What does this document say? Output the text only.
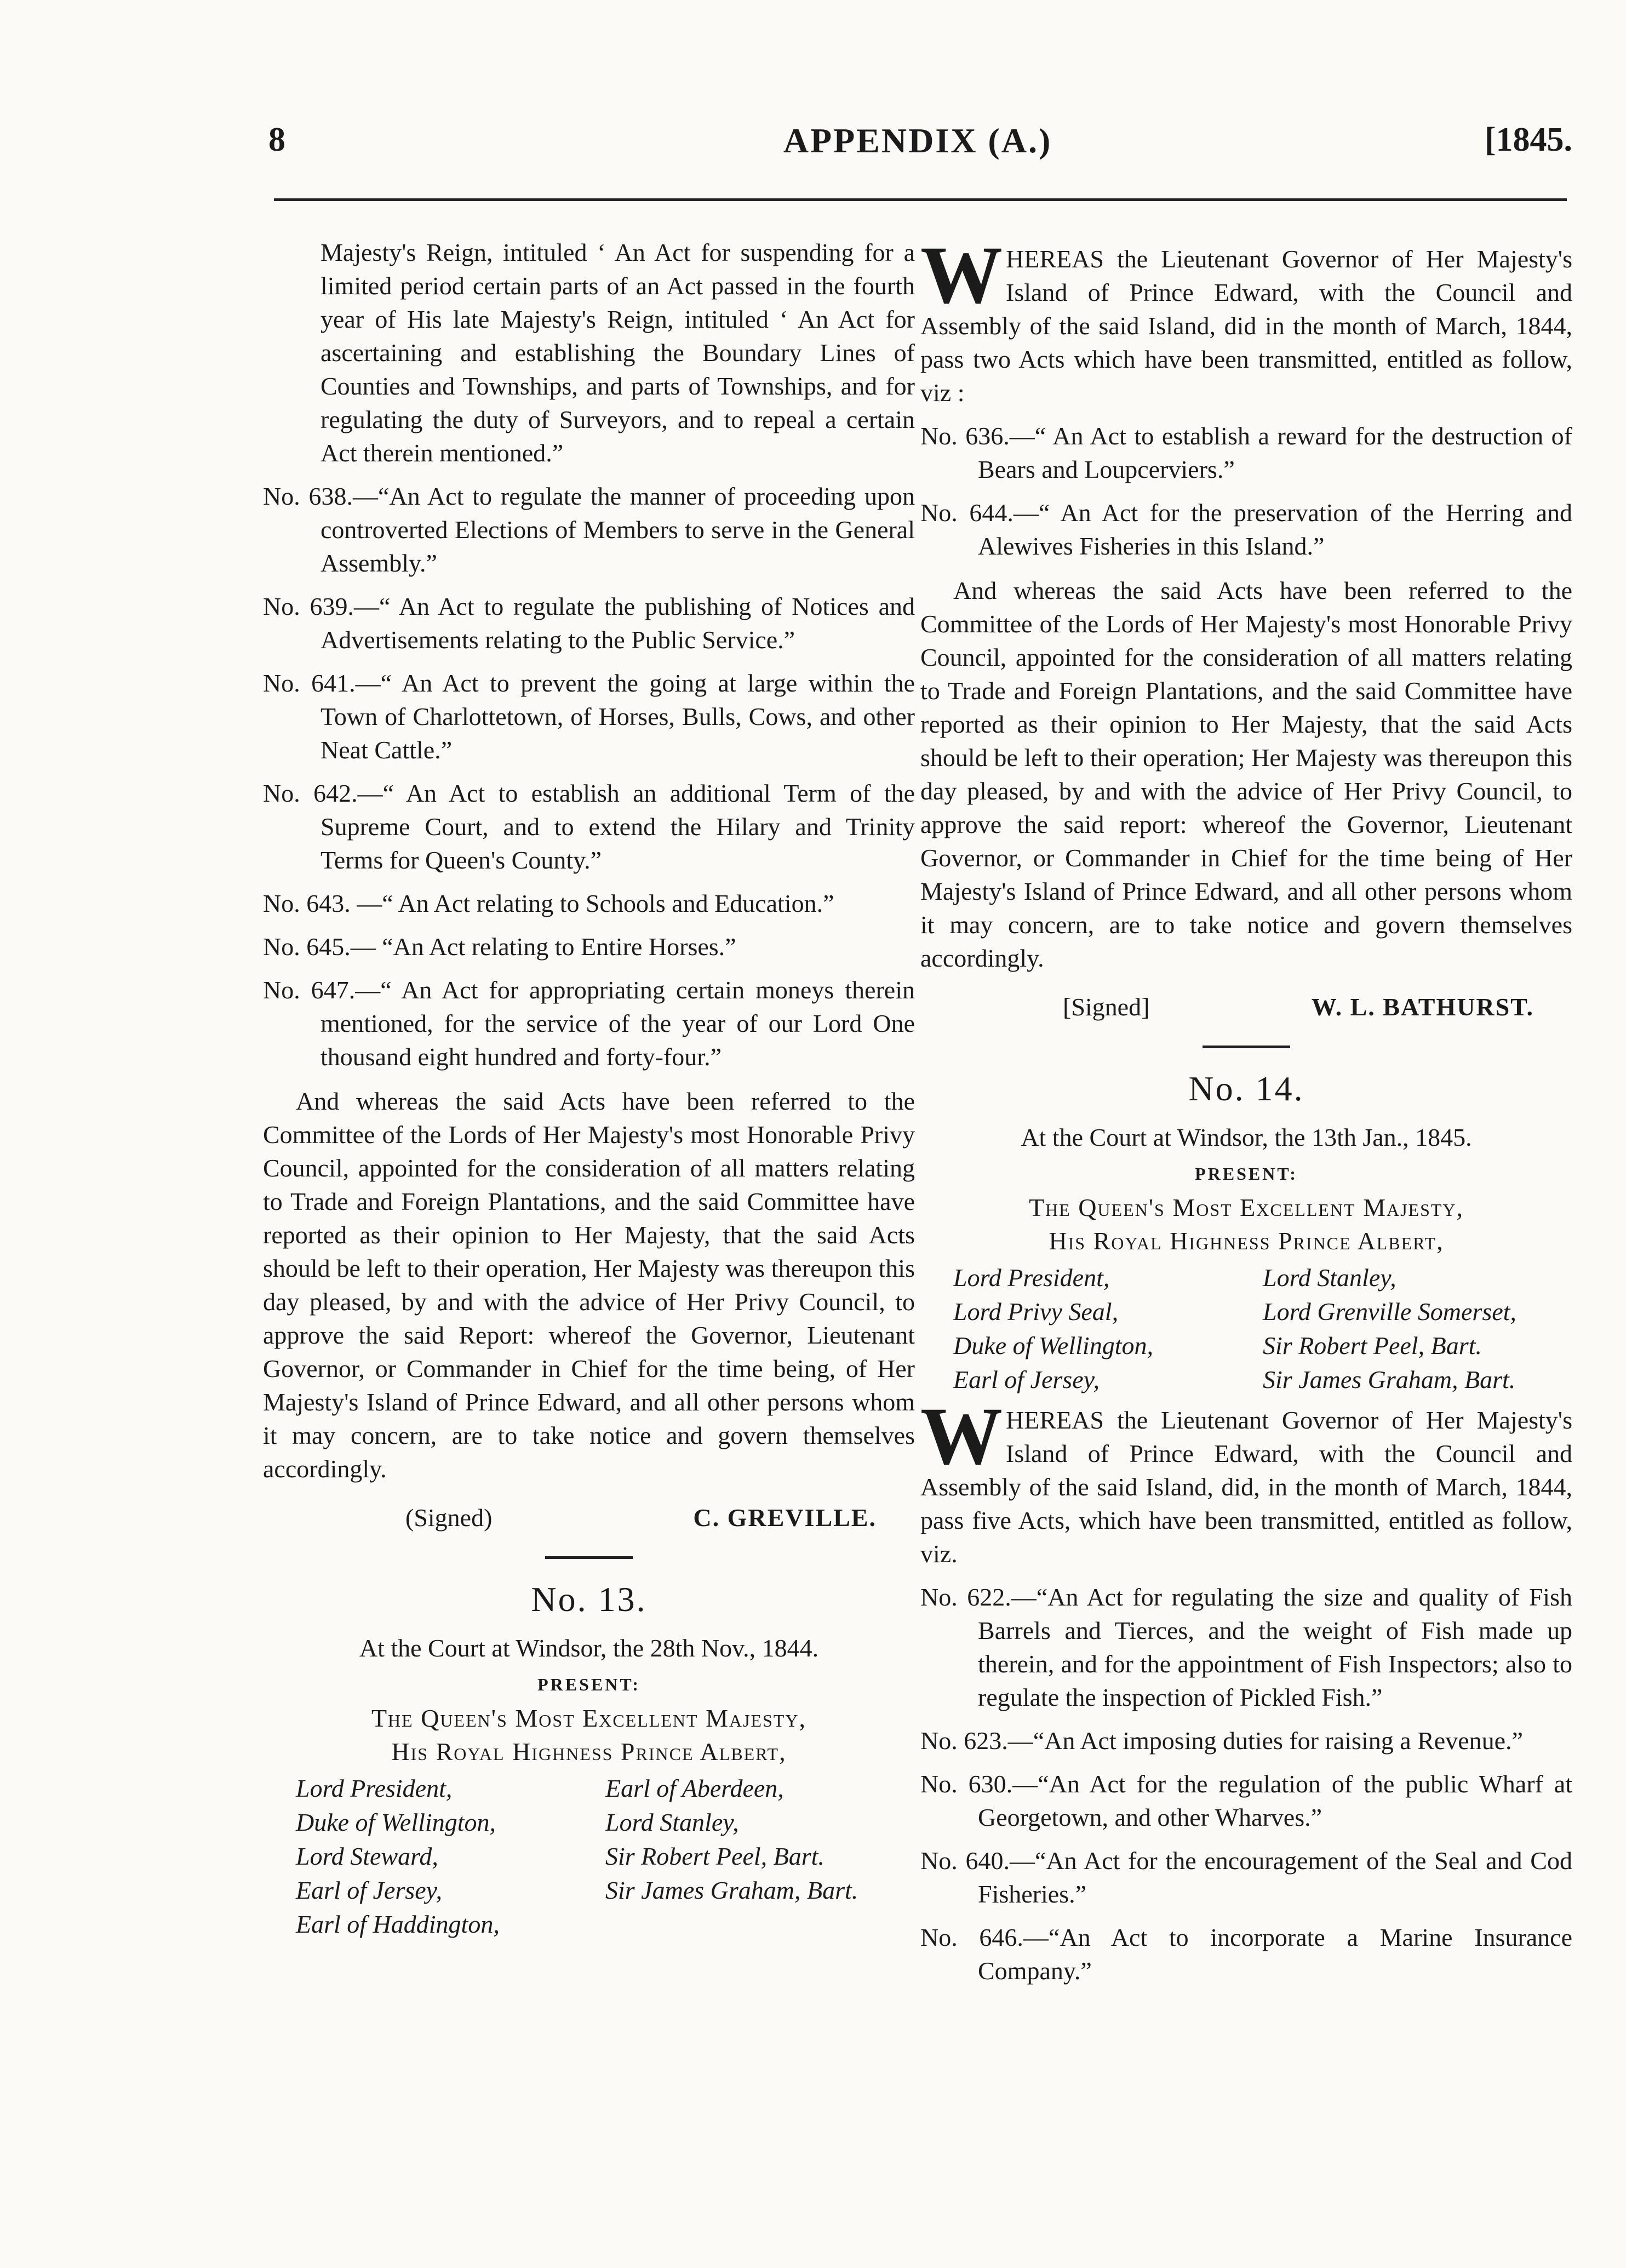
8	APPENDIX (A.)	[1845.

Majesty's Reign, intituled ‘ An Act for suspending for a limited period certain parts of an Act passed in the fourth year of His late Majesty's Reign, intituled ‘ An Act for ascertaining and establishing the Boundary Lines of Counties and Townships, and parts of Townships, and for regulating the duty of Surveyors, and to repeal a certain Act therein mentioned.”

No. 638.—“An Act to regulate the manner of proceeding upon controverted Elections of Members to serve in the General Assembly.”

No. 639.—“ An Act to regulate the publishing of Notices and Advertisements relating to the Public Service.”

No. 641.—“ An Act to prevent the going at large within the Town of Charlottetown, of Horses, Bulls, Cows, and other Neat Cattle.”

No. 642.—“ An Act to establish an additional Term of the Supreme Court, and to extend the Hilary and Trinity Terms for Queen's County.”

No. 643. —“ An Act relating to Schools and Education.”

No. 645.— “An Act relating to Entire Horses.”

No. 647.—“ An Act for appropriating certain moneys therein mentioned, for the service of the year of our Lord One thousand eight hundred and forty-four.”

And whereas the said Acts have been referred to the Committee of the Lords of Her Majesty's most Honorable Privy Council, appointed for the consideration of all matters relating to Trade and Foreign Plantations, and the said Committee have reported as their opinion to Her Majesty, that the said Acts should be left to their operation, Her Majesty was thereupon this day pleased, by and with the advice of Her Privy Council, to approve the said Report: whereof the Governor, Lieutenant Governor, or Commander in Chief for the time being, of Her Majesty's Island of Prince Edward, and all other persons whom it may concern, are to take notice and govern themselves accordingly.

(Signed)	C. GREVILLE.
No. 13.
At the Court at Windsor, the 28th Nov., 1844.
PRESENT:
The Queen's Most Excellent Majesty,
His Royal Highness Prince Albert,
Lord President,	Earl of Aberdeen,
Duke of Wellington,	Lord Stanley,
Lord Steward,	Sir Robert Peel, Bart.
Earl of Jersey,	Sir James Graham, Bart.
Earl of Haddington,

W HEREAS the Lieutenant Governor of Her Majesty's Island of Prince Edward, with the Council and Assembly of the said Island, did in the month of March, 1844, pass two Acts which have been transmitted, entitled as follow, viz :

No. 636.—“ An Act to establish a reward for the destruction of Bears and Loupcerviers.”

No. 644.—“ An Act for the preservation of the Herring and Alewives Fisheries in this Island.”

And whereas the said Acts have been referred to the Committee of the Lords of Her Majesty's most Honorable Privy Council, appointed for the consideration of all matters relating to Trade and Foreign Plantations, and the said Committee have reported as their opinion to Her Majesty, that the said Acts should be left to their operation; Her Majesty was thereupon this day pleased, by and with the advice of Her Privy Council, to approve the said report: whereof the Governor, Lieutenant Governor, or Commander in Chief for the time being of Her Majesty's Island of Prince Edward, and all other persons whom it may concern, are to take notice and govern themselves accordingly.

[Signed]	W. L. BATHURST.
No. 14.
At the Court at Windsor, the 13th Jan., 1845.
PRESENT:
The Queen's Most Excellent Majesty,
His Royal Highness Prince Albert,
Lord President,	Lord Stanley,
Lord Privy Seal,	Lord Grenville Somerset,
Duke of Wellington,	Sir Robert Peel, Bart.
Earl of Jersey,	Sir James Graham, Bart.

W HEREAS the Lieutenant Governor of Her Majesty's Island of Prince Edward, with the Council and Assembly of the said Island, did, in the month of March, 1844, pass five Acts, which have been transmitted, entitled as follow, viz.

No. 622.—“An Act for regulating the size and quality of Fish Barrels and Tierces, and the weight of Fish made up therein, and for the appointment of Fish Inspectors; also to regulate the inspection of Pickled Fish.”

No. 623.—“An Act imposing duties for raising a Revenue.”

No. 630.—“An Act for the regulation of the public Wharf at Georgetown, and other Wharves.”

No. 640.—“An Act for the encouragement of the Seal and Cod Fisheries.”

No. 646.—“An Act to incorporate a Marine Insurance Company.”
